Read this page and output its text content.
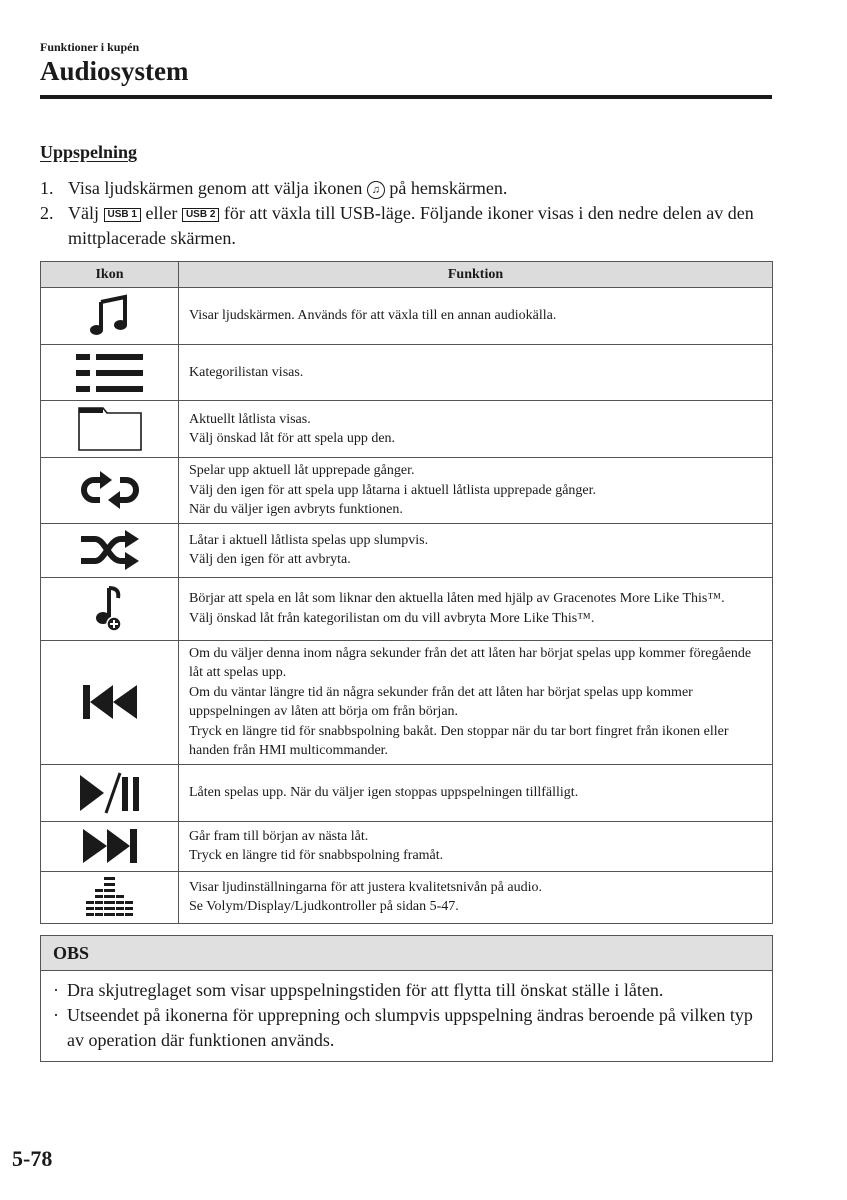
Funktioner i kupén
Audiosystem
Uppspelning
1. Visa ljudskärmen genom att välja ikonen ♫ på hemskärmen.
2. Välj USB 1 eller USB 2 för att växla till USB-läge. Följande ikoner visas i den nedre delen av den mittplacerade skärmen.
Ikon	Funktion

Visar ljudskärmen. Används för att växla till en annan audiokälla.

Kategorilistan visas.

Aktuellt låtlista visas.
Välj önskad låt för att spela upp den.

Spelar upp aktuell låt upprepade gånger.
Välj den igen för att spela upp låtarna i aktuell låtlista upprepade gånger.
När du väljer igen avbryts funktionen.

Låtar i aktuell låtlista spelas upp slumpvis.
Välj den igen för att avbryta.

Börjar att spela en låt som liknar den aktuella låten med hjälp av Gracenotes More Like This™.
Välj önskad låt från kategorilistan om du vill avbryta More Like This™.

Om du väljer denna inom några sekunder från det att låten har börjat spelas upp kommer föregående låt att spelas upp.
Om du väntar längre tid än några sekunder från det att låten har börjat spelas upp kommer uppspelningen av låten att börja om från början.
Tryck en längre tid för snabbspolning bakåt. Den stoppar när du tar bort fingret från ikonen eller handen från HMI multicommander.

Låten spelas upp. När du väljer igen stoppas uppspelningen tillfälligt.

Går fram till början av nästa låt.
Tryck en längre tid för snabbspolning framåt.

Visar ljudinställningarna för att justera kvalitetsnivån på audio.
Se Volym/Display/Ljudkontroller på sidan 5-47.
OBS
· Dra skjutreglaget som visar uppspelningstiden för att flytta till önskat ställe i låten.
· Utseendet på ikonerna för upprepning och slumpvis uppspelning ändras beroende på vilken typ av operation där funktionen används.
5-78
